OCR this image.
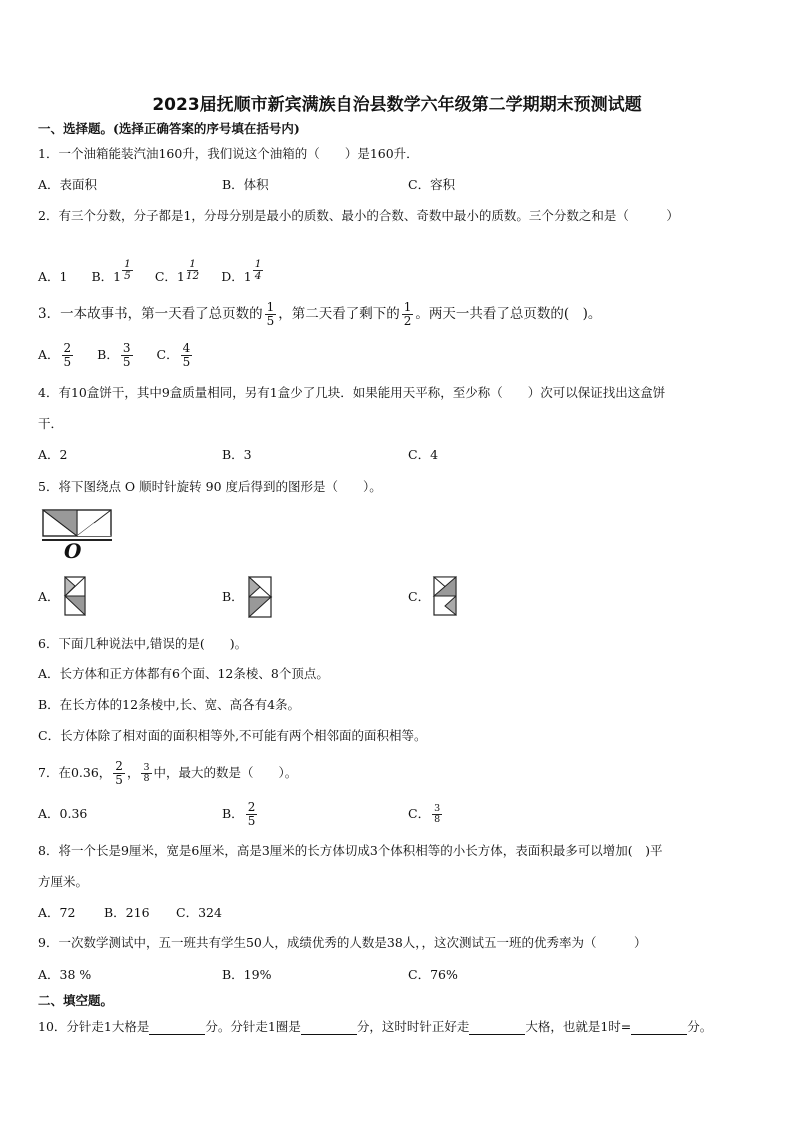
2023届抚顺市新宾满族自治县数学六年级第二学期期末预测试题
一、选择题。(选择正确答案的序号填在括号内)
1．一个油箱能装汽油160升，我们说这个油箱的（　　）是160升．
A．表面积	B．体积	C．容积
2．有三个分数，分子都是1，分母分别是最小的质数、最小的合数、奇数中最小的质数。三个分数之和是（　　　）
A． 1 B． $1 \frac{1}{5}$ C． $1 \frac{1}{12}$ D． $1 \frac{1}{4}$
3．一本故事书，第一天看了总页数的 $\frac{1}{5}$ ，第二天看了剩下的 $\frac{1}{2}$ 。两天一共看了总页数的(　)。
A． $\frac{2}{5}$ B． $\frac{3}{5}$ C． $\frac{4}{5}$
4．有10盒饼干，其中9盒质量相同，另有1盒少了几块．如果能用天平称，至少称（　　）次可以保证找出这盒饼
干．
A．2	B．3	C．4
5．将下图绕点 O 顺时针旋转 90 度后得到的图形是（　　）。
O
A．	B．	C．
6．下面几种说法中,错误的是(　　)。
A．长方体和正方体都有6个面、12条棱、8个顶点。
B．在长方体的12条棱中,长、宽、高各有4条。
C．长方体除了相对面的面积相等外,不可能有两个相邻面的面积相等。
7．在0.36， $\frac{2}{5}$ ， $\frac{3}{8}$ 中，最大的数是（　　）。
A．0.36	B． $\frac{2}{5}$	C． $\frac{3}{8}$
8．将一个长是9厘米，宽是6厘米，高是3厘米的长方体切成3个体积相等的小长方体，表面积最多可以增加(　)平
方厘米。
A．72 B．216 C．324
9．一次数学测试中，五一班共有学生50人，成绩优秀的人数是38人，，这次测试五一班的优秀率为（　　　）
A．38 %	B．19%	C．76%
二、填空题。
10．分针走1大格是	分。分针走1圈是	分，这时时针正好走	大格，也就是1时=	分。
